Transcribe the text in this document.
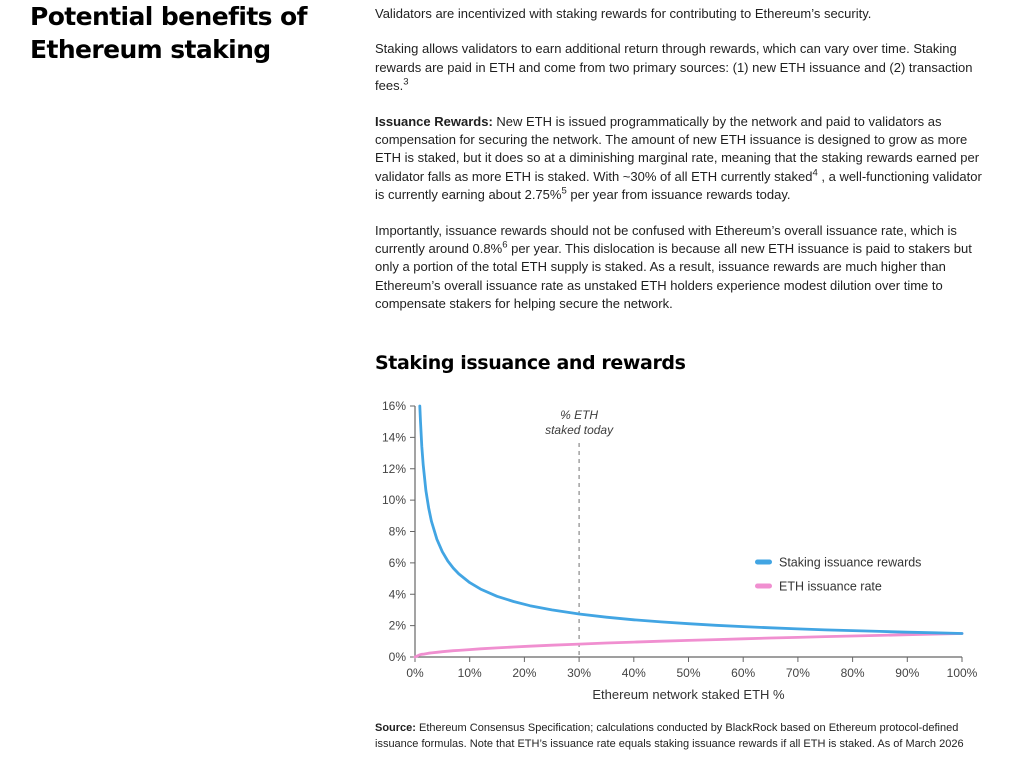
Potential benefits of
Ethereum staking

Validators are incentivized with staking rewards for contributing to Ethereum’s security.

Staking allows validators to earn additional return through rewards, which can vary over time. Staking rewards are paid in ETH and come from two primary sources: (1) new ETH issuance and (2) transaction fees.$^3$

Issuance Rewards: New ETH is issued programmatically by the network and paid to validators as compensation for securing the network. The amount of new ETH issuance is designed to grow as more ETH is staked, but it does so at a diminishing marginal rate, meaning that the staking rewards earned per validator falls as more ETH is staked. With ~30% of all ETH currently staked$^4$ , a well-functioning validator is currently earning about 2.75%$^5$ per year from issuance rewards today.

Importantly, issuance rewards should not be confused with Ethereum’s overall issuance rate, which is currently around 0.8%$^6$ per year. This dislocation is because all new ETH issuance is paid to stakers but only a portion of the total ETH supply is staked. As a result, issuance rewards are much higher than Ethereum’s overall issuance rate as unstaked ETH holders experience modest dilution over time to compensate stakers for helping secure the network.

Staking issuance and rewards
% ETH
staked today
0%
2%
4%
6%
8%
10%
12%
14%
16%
0%	10%	20%	30%	40%	50%	60%	70%	80%	90% 100%
Staking issuance rewards
ETH issuance rate
Ethereum network staked ETH %
Source: Ethereum Consensus Specification; calculations conducted by BlackRock based on Ethereum protocol-defined issuance formulas. Note that ETH’s issuance rate equals staking issuance rewards if all ETH is staked. As of March 2026
